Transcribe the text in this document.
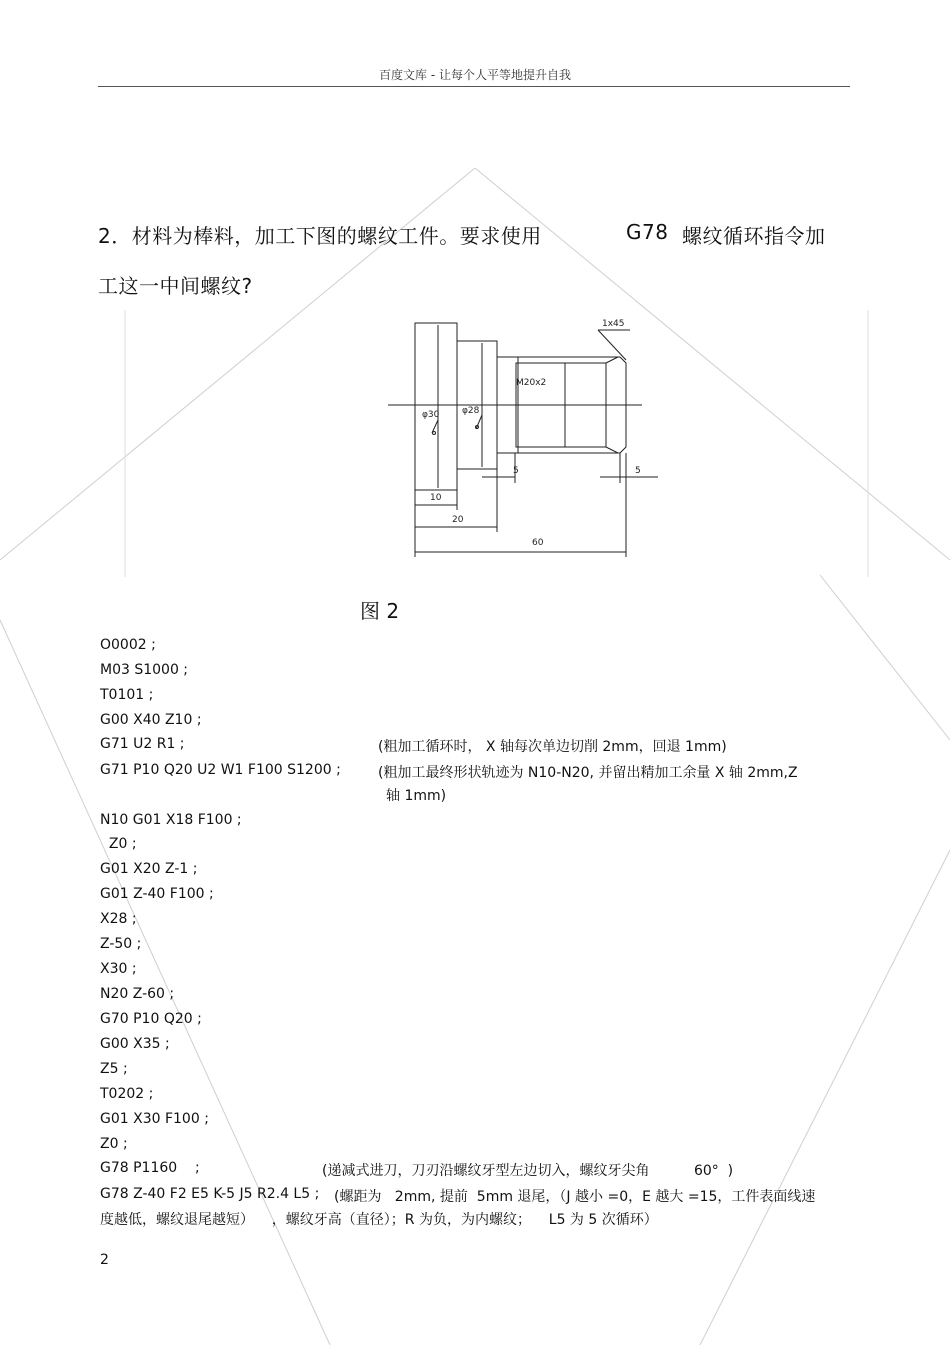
百度文库 - 让每个人平等地提升自我
2．材料为棒料，加工下图的螺纹工件。要求使用	G78 螺纹循环指令加
工这一中间螺纹?
1x45
M20x2
φ30	φ28
5	5
10
20
60
图 2
O0002 ;
M03 S1000 ;
T0101 ;
G00 X40 Z10 ;
G71 U2 R1 ;	(粗加工循环时， X 轴每次单边切削 2mm，回退 1mm)
G71 P10 Q20 U2 W1 F100 S1200 ;	(粗加工最终形状轨迹为 N10-N20, 并留出精加工余量 X 轴 2mm,Z
轴 1mm)
N10 G01 X18 F100 ;
Z0 ;
G01 X20 Z-1 ;
G01 Z-40 F100 ;
X28 ;
Z-50 ;
X30 ;
N20 Z-60 ;
G70 P10 Q20 ;
G00 X35 ;
Z5 ;
T0202 ;
G01 X30 F100 ;
Z0 ;
G78 P1160    ;	(递减式进刀，刀刃沿螺纹牙型左边切入，螺纹牙尖角          60°  )
G78 Z-40 F2 E5 K-5 J5 R2.4 L5 ; (螺距为   2mm, 提前  5mm 退尾，（J 越小 =0，E 越大 =15，工件表面线速
度越低，螺纹退尾越短）    ，螺纹牙高（直径）；R 为负，为内螺纹；    L5 为 5 次循环）
2
